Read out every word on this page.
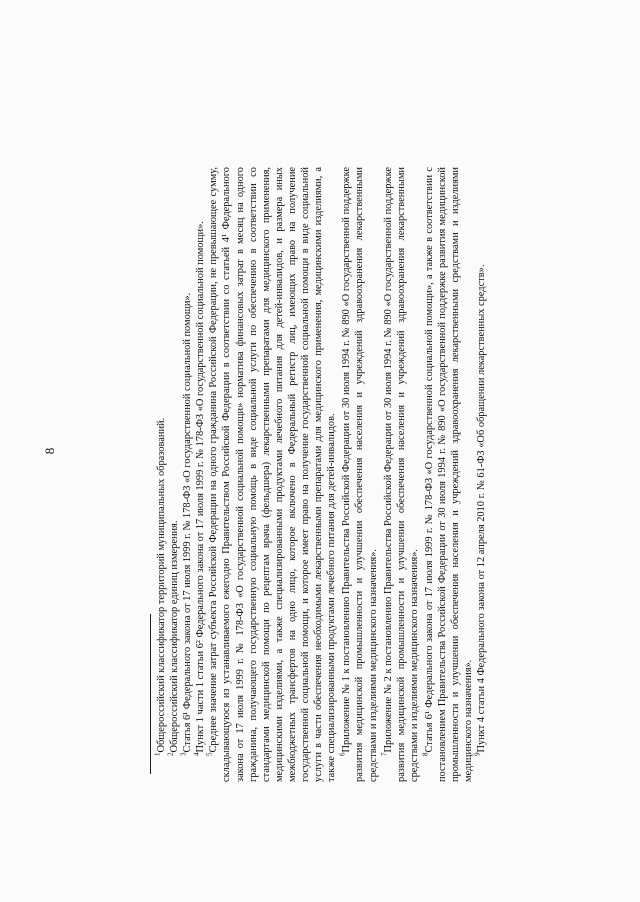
8

$^1$Общероссийский классификатор территорий муниципальных образований.

$^2$Общероссийский классификатор единиц измерения.

$^3$Статья 6¹ Федерального закона от 17 июля 1999 г. № 178-ФЗ «О государственной социальной помощи».

$^4$Пункт 1 части 1 статьи 6² Федерального закона от 17 июля 1999 г. № 178-ФЗ «О государственной социальной помощи».

$^5$Среднее значение затрат субъекта Российской Федерации на одного гражданина Российской Федерации, не превышающее сумму, складывающуюся из устанавливаемого ежегодно Правительством Российской Федерации в соответствии со статьей 4¹ Федерального закона от 17 июля 1999 г. № 178-ФЗ «О государственной социальной помощи» норматива финансовых затрат в месяц на одного гражданина, получающего государственную социальную помощь в виде социальной услуги по обеспечению в соответствии со стандартами медицинской помощи по рецептам врача (фельдшера) лекарственными препаратами для медицинского применения, медицинскими изделиями, а также специализированными продуктами лечебного питания для детей-инвалидов, и размера иных межбюджетных трансфертов на одно лицо, которое включено в Федеральный регистр лиц, имеющих право на получение государственной социальной помощи, и которое имеет право на получение государственной социальной помощи в виде социальной услуги в части обеспечения необходимыми лекарственными препаратами для медицинского применения, медицинскими изделиями, а также специализированными продуктами лечебного питания для детей-инвалидов. $^6$Приложение № 1 к постановлению Правительства Российской Федерации от 30 июля 1994 г. № 890 «О государственной поддержке развития медицинской промышленности и улучшении обеспечения населения и учреждений здравоохранения лекарственными средствами и изделиями медицинского назначения». $^7$Приложение № 2 к постановлению Правительства Российской Федерации от 30 июля 1994 г. № 890 «О государственной поддержке развития медицинской промышленности и улучшении обеспечения населения и учреждений здравоохранения лекарственными средствами и изделиями медицинского назначения». $^8$Статья 6¹ Федерального закона от 17 июля 1999 г. № 178-ФЗ «О государственной социальной помощи», а также в соответствии с постановлением Правительства Российской Федерации от 30 июля 1994 г. № 890 «О государственной поддержке развития медицинской промышленности и улучшении обеспечения населения и учреждений здравоохранения лекарственными средствами и изделиями медицинского назначения». $^9$Пункт 4 статьи 4 Федерального закона от 12 апреля 2010 г. № 61-ФЗ «Об обращении лекарственных средств».
